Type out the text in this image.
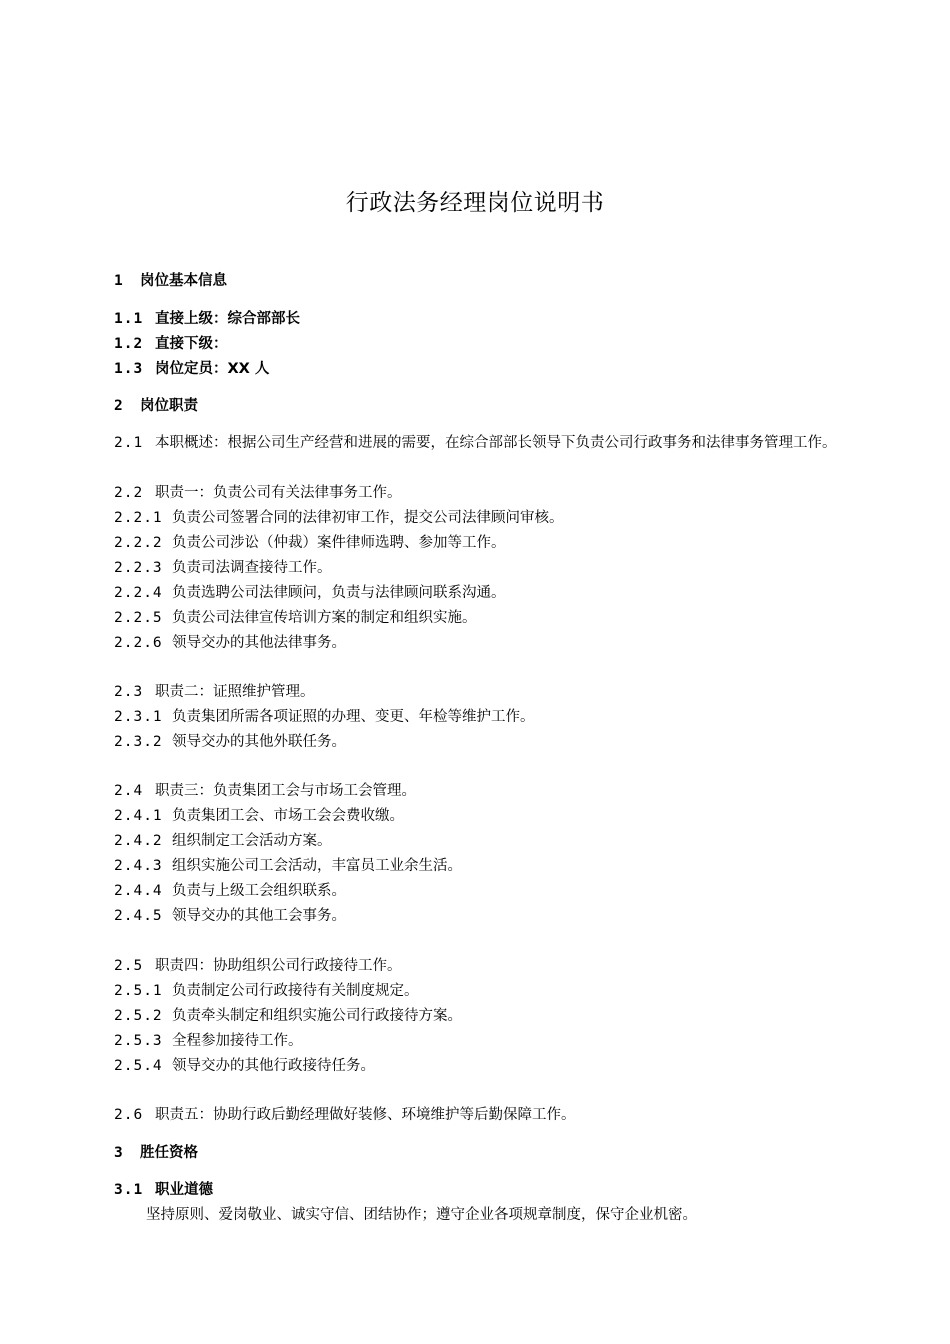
行政法务经理岗位说明书
1 岗位基本信息
1.1 直接上级：综合部部长
1.2 直接下级：
1.3 岗位定员：XX 人
2 岗位职责
2.1 本职概述：根据公司生产经营和进展的需要，在综合部部长领导下负责公司行政事务和法律事务管理工作。
2.2 职责一：负责公司有关法律事务工作。
2.2.1 负责公司签署合同的法律初审工作，提交公司法律顾问审核。
2.2.2 负责公司涉讼（仲裁）案件律师选聘、参加等工作。
2.2.3 负责司法调查接待工作。
2.2.4 负责选聘公司法律顾问，负责与法律顾问联系沟通。
2.2.5 负责公司法律宣传培训方案的制定和组织实施。
2.2.6 领导交办的其他法律事务。
2.3 职责二：证照维护管理。
2.3.1 负责集团所需各项证照的办理、变更、年检等维护工作。
2.3.2 领导交办的其他外联任务。
2.4 职责三：负责集团工会与市场工会管理。
2.4.1 负责集团工会、市场工会会费收缴。
2.4.2 组织制定工会活动方案。
2.4.3 组织实施公司工会活动，丰富员工业余生活。
2.4.4 负责与上级工会组织联系。
2.4.5 领导交办的其他工会事务。
2.5 职责四：协助组织公司行政接待工作。
2.5.1 负责制定公司行政接待有关制度规定。
2.5.2 负责牵头制定和组织实施公司行政接待方案。
2.5.3 全程参加接待工作。
2.5.4 领导交办的其他行政接待任务。
2.6 职责五：协助行政后勤经理做好装修、环境维护等后勤保障工作。
3 胜任资格
3.1 职业道德
坚持原则、爱岗敬业、诚实守信、团结协作；遵守企业各项规章制度，保守企业机密。
